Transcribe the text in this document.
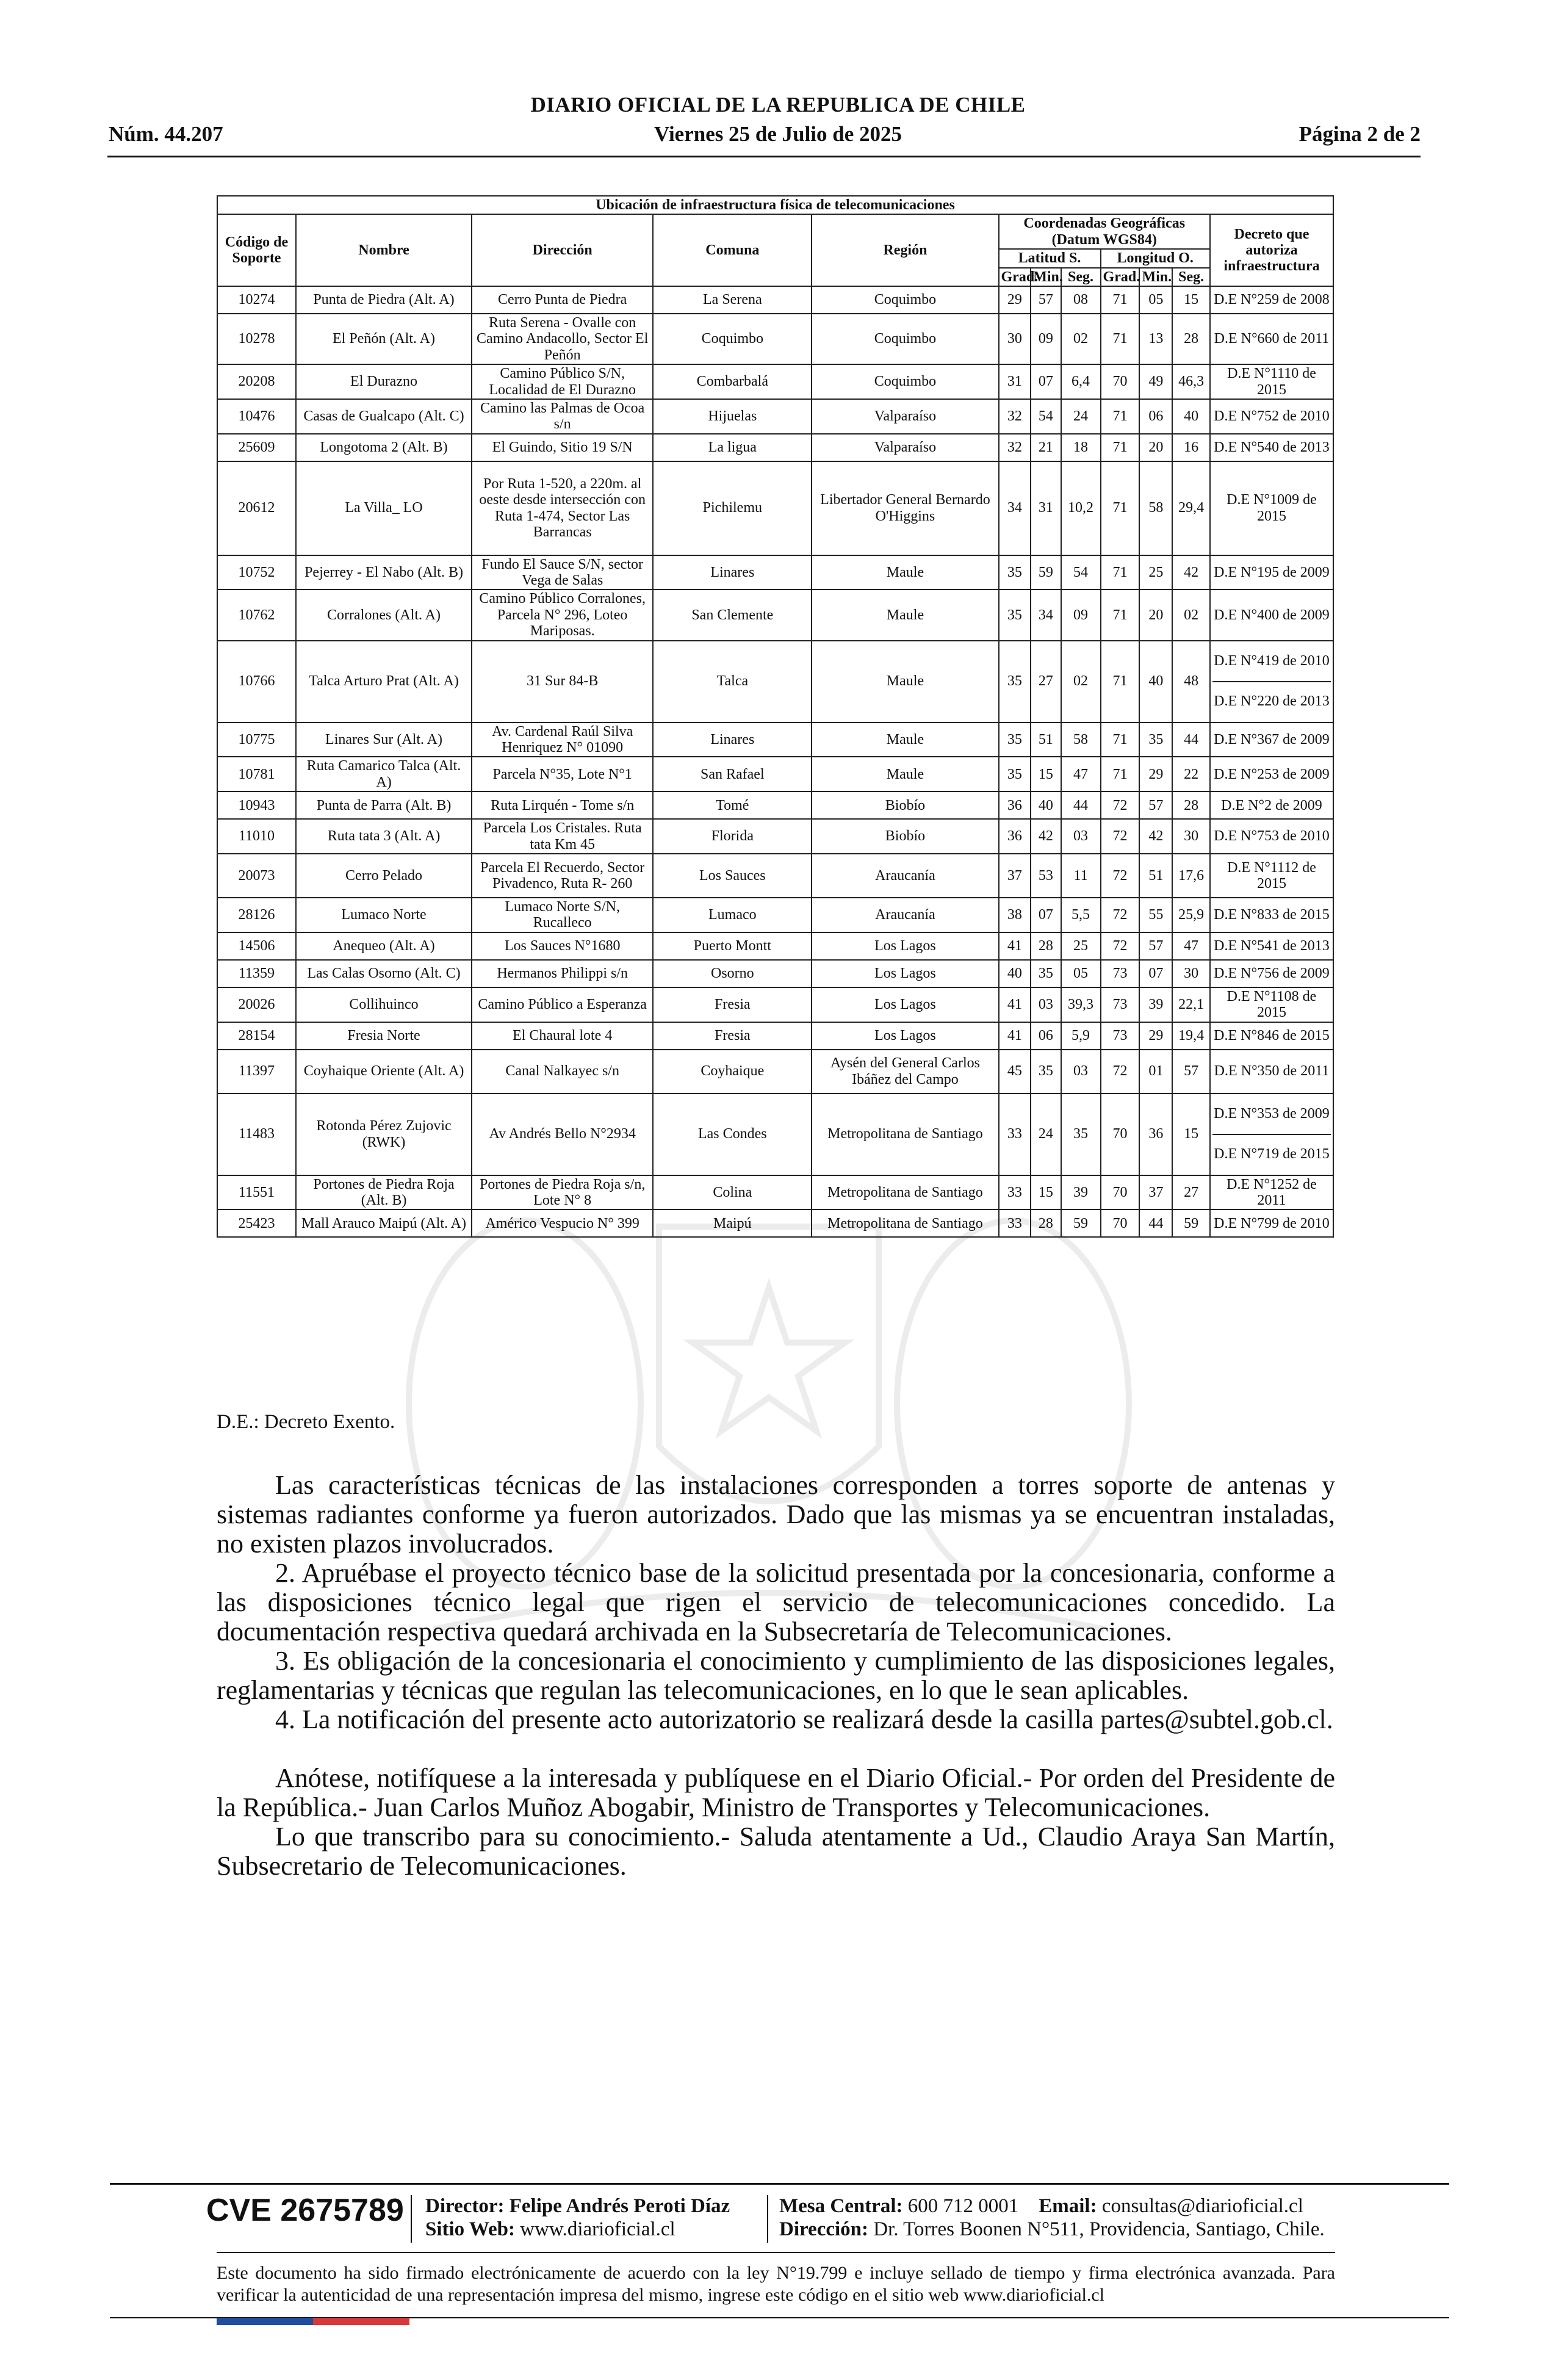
DIARIO OFICIAL DE LA REPUBLICA DE CHILE
Núm. 44.207	Viernes 25 de Julio de 2025	Página 2 de 2
Ubicación de infraestructura física de telecomunicaciones											
Código de Soporte	Nombre	Dirección	Comuna	Región	Coordenadas Geográficas (Datum WGS84)						Decreto que autoriza infraestructura
					Latitud S.			Longitud O.			
					Grad.	Min.	Seg.	Grad.	Min.	Seg.	
10274	Punta de Piedra (Alt. A)	Cerro Punta de Piedra	La Serena	Coquimbo	29	57	08	71	05	15	D.E N°259 de 2008
10278	El Peñón (Alt. A)	Ruta Serena - Ovalle con Camino Andacollo, Sector El Peñón	Coquimbo	Coquimbo	30	09	02	71	13	28	D.E N°660 de 2011
20208	El Durazno	Camino Público S/N, Localidad de El Durazno	Combarbalá	Coquimbo	31	07	6,4	70	49	46,3	D.E N°1110 de 2015
10476	Casas de Gualcapo (Alt. C)	Camino las Palmas de Ocoa s/n	Hijuelas	Valparaíso	32	54	24	71	06	40	D.E N°752 de 2010
25609	Longotoma 2 (Alt. B)	El Guindo, Sitio 19 S/N	La ligua	Valparaíso	32	21	18	71	20	16	D.E N°540 de 2013
20612	La Villa_ LO	Por Ruta 1-520, a 220m. al oeste desde intersección con Ruta 1-474, Sector Las Barrancas	Pichilemu	Libertador General Bernardo O'Higgins	34	31	10,2	71	58	29,4	D.E N°1009 de 2015
10752	Pejerrey - El Nabo (Alt. B)	Fundo El Sauce S/N, sector Vega de Salas	Linares	Maule	35	59	54	71	25	42	D.E N°195 de 2009
10762	Corralones (Alt. A)	Camino Público Corralones, Parcela N° 296, Loteo Mariposas.	San Clemente	Maule	35	34	09	71	20	02	D.E N°400 de 2009
10766	Talca Arturo Prat (Alt. A)	31 Sur 84-B	Talca	Maule	35	27	02	71	40	48	D.E N°419 de 2010
D.E N°220 de 2013

10775	Linares Sur (Alt. A)	Av. Cardenal Raúl Silva Henriquez N° 01090	Linares	Maule	35	51	58	71	35	44	D.E N°367 de 2009
10781	Ruta Camarico Talca (Alt. A)	Parcela N°35, Lote N°1	San Rafael	Maule	35	15	47	71	29	22	D.E N°253 de 2009
10943	Punta de Parra (Alt. B)	Ruta Lirquén - Tome s/n	Tomé	Biobío	36	40	44	72	57	28	D.E N°2 de 2009
11010	Ruta tata 3 (Alt. A)	Parcela Los Cristales. Ruta tata Km 45	Florida	Biobío	36	42	03	72	42	30	D.E N°753 de 2010
20073	Cerro Pelado	Parcela El Recuerdo, Sector Pivadenco, Ruta R- 260	Los Sauces	Araucanía	37	53	11	72	51	17,6	D.E N°1112 de 2015
28126	Lumaco Norte	Lumaco Norte S/N, Rucalleco	Lumaco	Araucanía	38	07	5,5	72	55	25,9	D.E N°833 de 2015
14506	Anequeo (Alt. A)	Los Sauces N°1680	Puerto Montt	Los Lagos	41	28	25	72	57	47	D.E N°541 de 2013
11359	Las Calas Osorno (Alt. C)	Hermanos Philippi s/n	Osorno	Los Lagos	40	35	05	73	07	30	D.E N°756 de 2009
20026	Collihuinco	Camino Público a Esperanza	Fresia	Los Lagos	41	03	39,3	73	39	22,1	D.E N°1108 de 2015
28154	Fresia Norte	El Chaural lote 4	Fresia	Los Lagos	41	06	5,9	73	29	19,4	D.E N°846 de 2015
11397	Coyhaique Oriente (Alt. A)	Canal Nalkayec s/n	Coyhaique	Aysén del General Carlos Ibáñez del Campo	45	35	03	72	01	57	D.E N°350 de 2011
11483	Rotonda Pérez Zujovic (RWK)	Av Andrés Bello N°2934	Las Condes	Metropolitana de Santiago	33	24	35	70	36	15	D.E N°353 de 2009
D.E N°719 de 2015

11551	Portones de Piedra Roja (Alt. B)	Portones de Piedra Roja s/n, Lote N° 8	Colina	Metropolitana de Santiago	33	15	39	70	37	27	D.E N°1252 de 2011
25423	Mall Arauco Maipú (Alt. A)	Américo Vespucio N° 399	Maipú	Metropolitana de Santiago	33	28	59	70	44	59	D.E N°799 de 2010
D.E.: Decreto Exento.

Las características técnicas de las instalaciones corresponden a torres soporte de antenas y sistemas radiantes conforme ya fueron autorizados. Dado que las mismas ya se encuentran instaladas, no existen plazos involucrados.

2. Apruébase el proyecto técnico base de la solicitud presentada por la concesionaria, conforme a las disposiciones técnico legal que rigen el servicio de telecomunicaciones concedido. La documentación respectiva quedará archivada en la Subsecretaría de Telecomunicaciones.

3. Es obligación de la concesionaria el conocimiento y cumplimiento de las disposiciones legales, reglamentarias y técnicas que regulan las telecomunicaciones, en lo que le sean aplicables.

4. La notificación del presente acto autorizatorio se realizará desde la casilla partes@subtel.gob.cl.

Anótese, notifíquese a la interesada y publíquese en el Diario Oficial.- Por orden del Presidente de la República.- Juan Carlos Muñoz Abogabir, Ministro de Transportes y Telecomunicaciones.

Lo que transcribo para su conocimiento.- Saluda atentamente a Ud., Claudio Araya San Martín, Subsecretario de Telecomunicaciones.

CVE 2675789 Director: Felipe Andrés Peroti Díaz
Sitio Web: www.diarioficial.cl
Mesa Central: 600 712 0001 Email: consultas@diarioficial.cl
Dirección: Dr. Torres Boonen N°511, Providencia, Santiago, Chile.
Este documento ha sido firmado electrónicamente de acuerdo con la ley N°19.799 e incluye sellado de tiempo y firma electrónica avanzada. Para verificar la autenticidad de una representación impresa del mismo, ingrese este código en el sitio web www.diarioficial.cl
